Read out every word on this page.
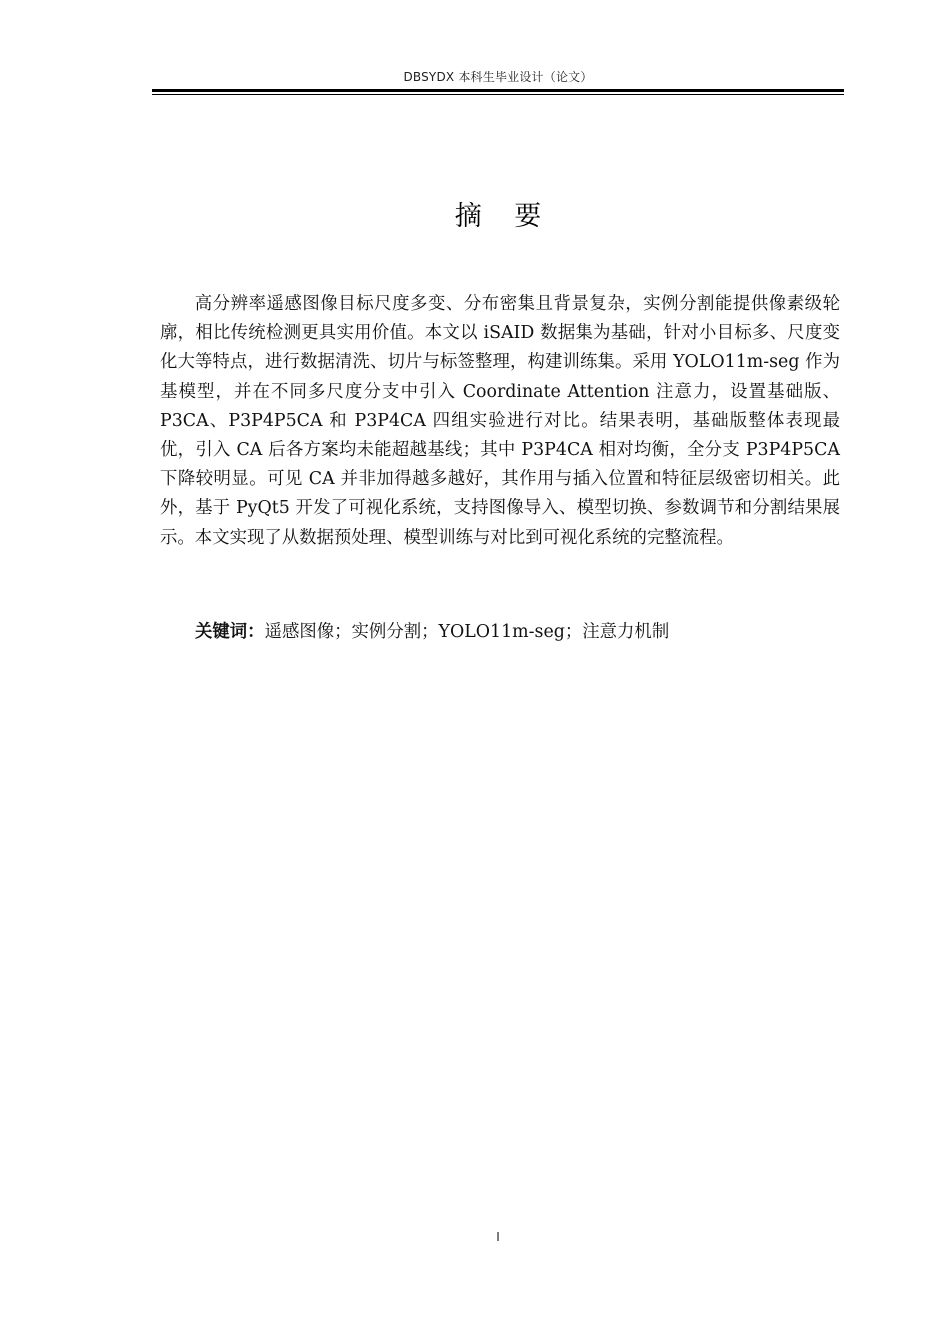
DBSYDX 本科生毕业设计（论文）
摘 要

高分辨率遥感图像目标尺度多变、分布密集且背景复杂，实例分割能提供像素级轮廓，相比传统检测更具实用价值。本文以 iSAID 数据集为基础，针对小目标多、尺度变化大等特点，进行数据清洗、切片与标签整理，构建训练集。采用 YOLO11m-seg 作为基模型，并在不同多尺度分支中引入 Coordinate Attention 注意力，设置基础版、P3CA、P3P4P5CA 和 P3P4CA 四组实验进行对比。结果表明，基础版整体表现最优，引入 CA 后各方案均未能超越基线；其中 P3P4CA 相对均衡，全分支 P3P4P5CA 下降较明显。可见 CA 并非加得越多越好，其作用与插入位置和特征层级密切相关。此外，基于 PyQt5 开发了可视化系统，支持图像导入、模型切换、参数调节和分割结果展示。本文实现了从数据预处理、模型训练与对比到可视化系统的完整流程。

关键词：遥感图像；实例分割；YOLO11m-seg；注意力机制
I
